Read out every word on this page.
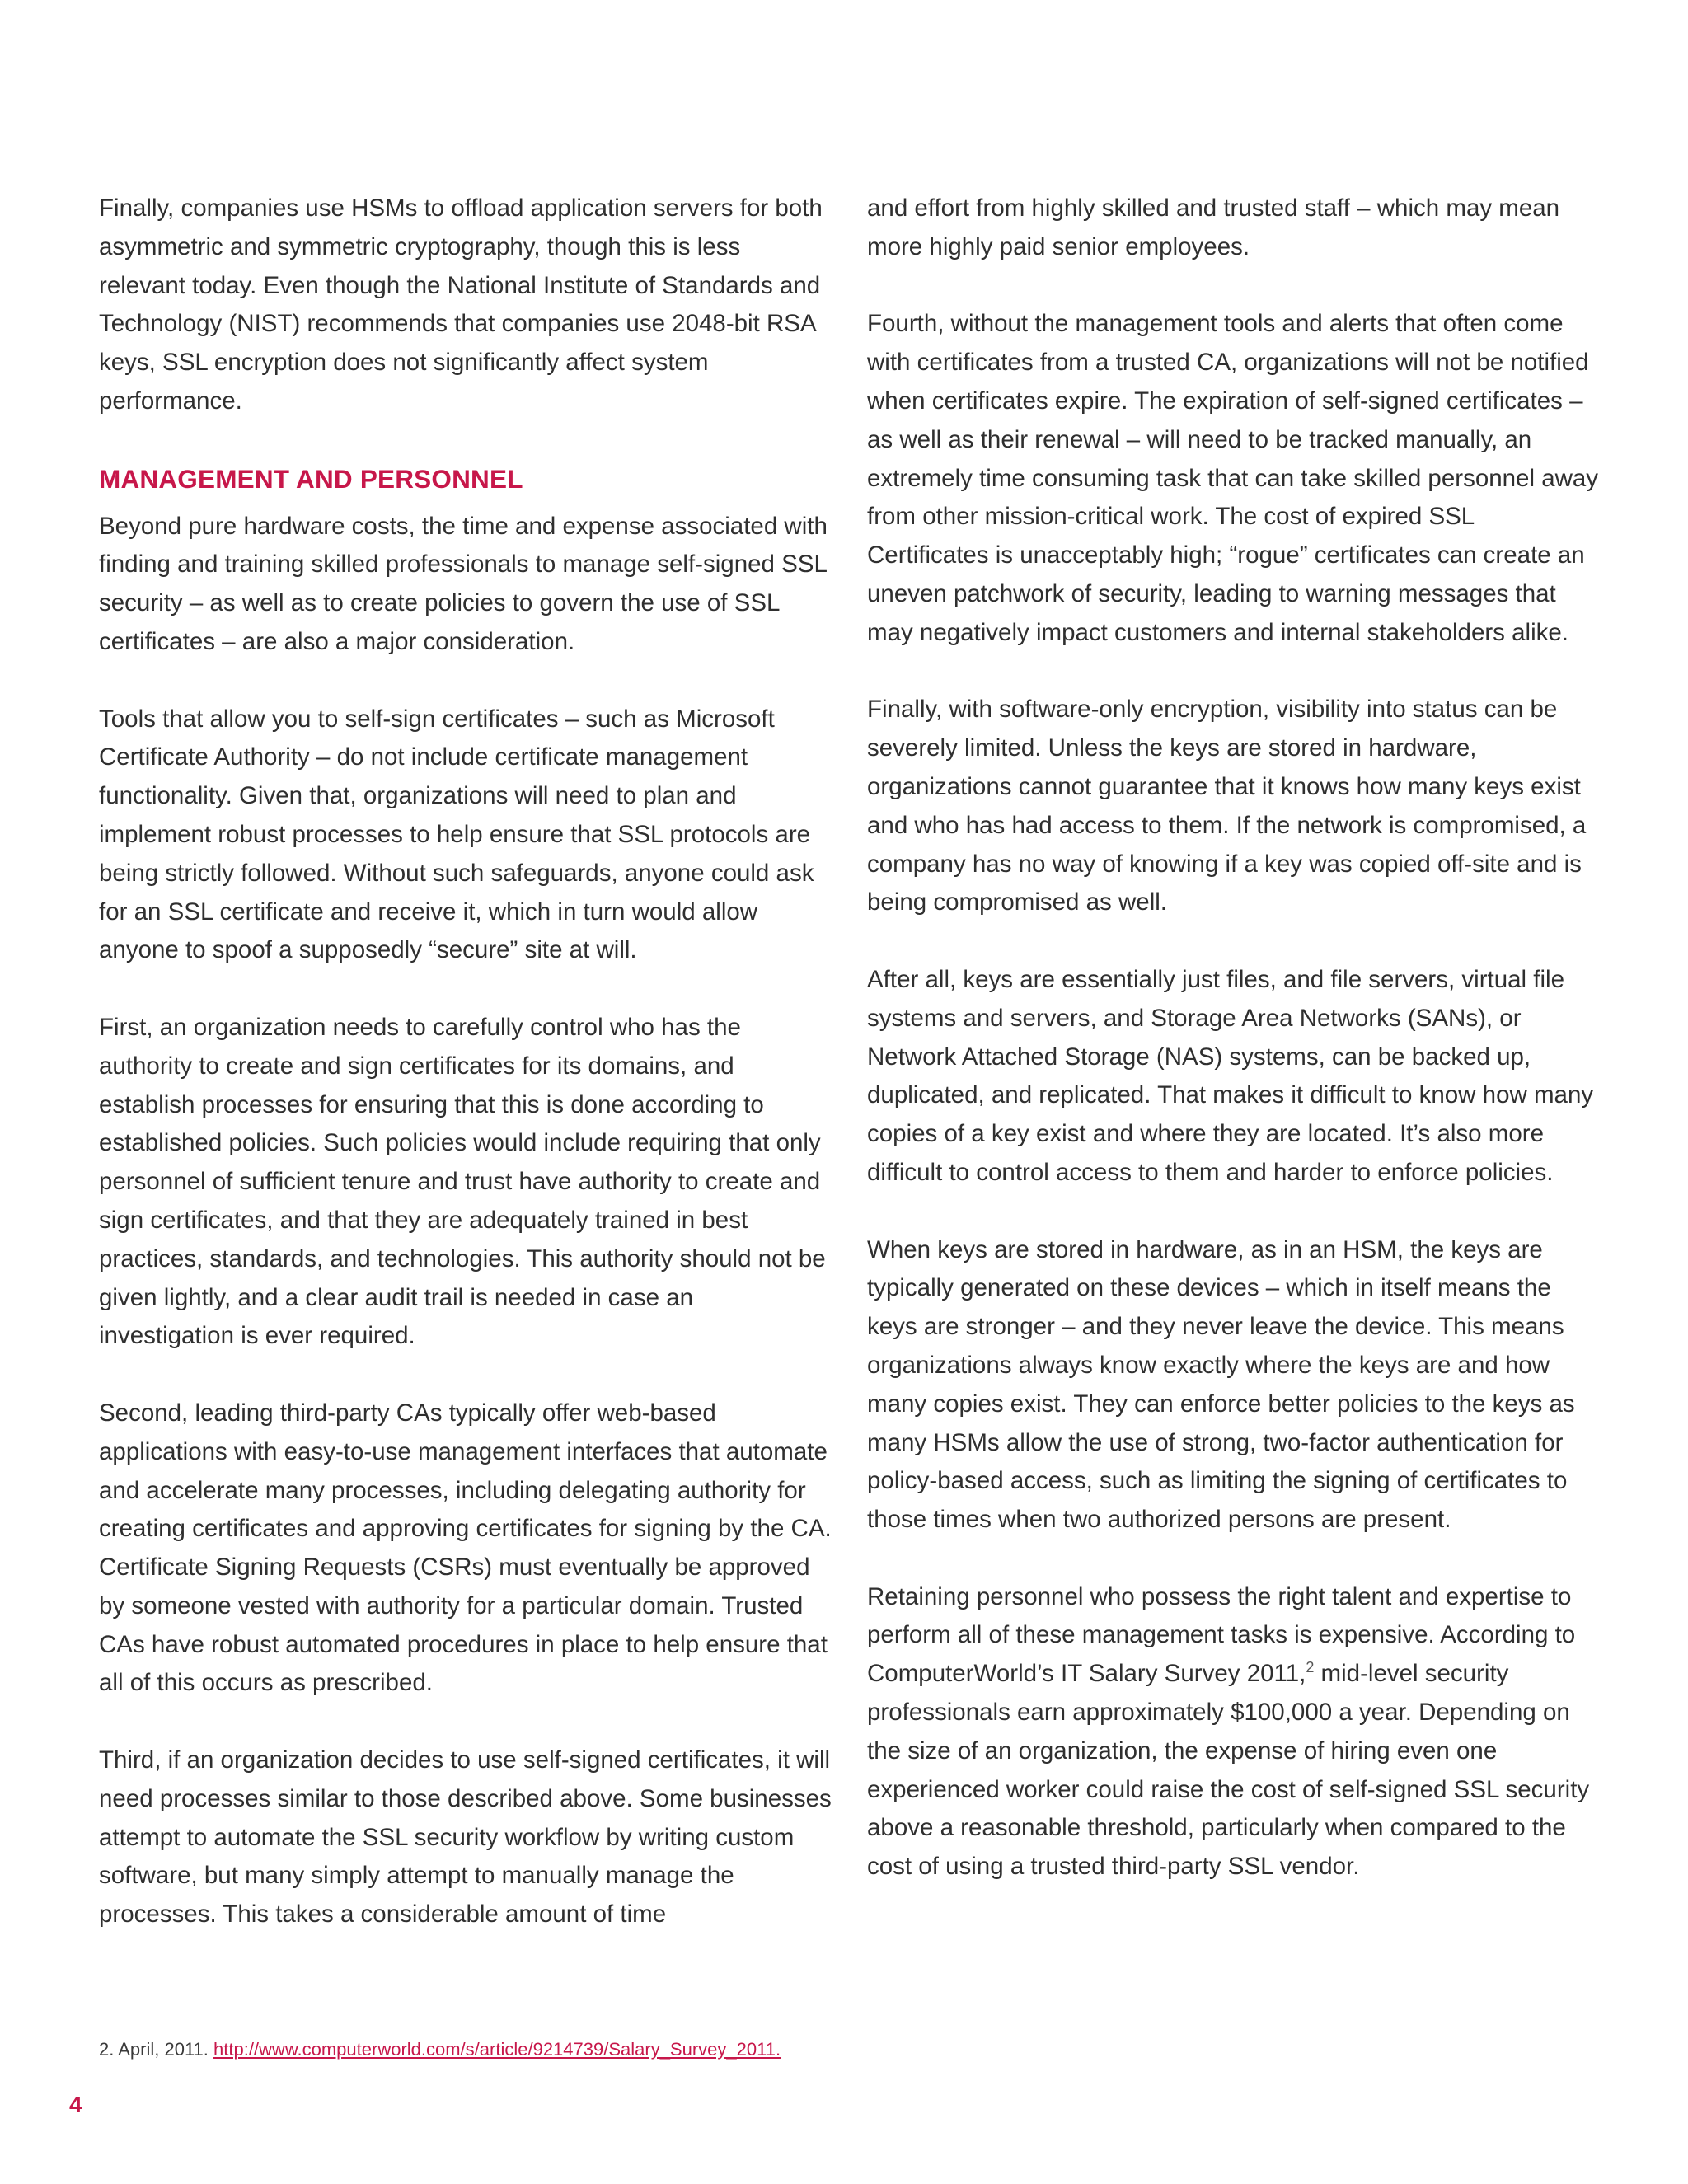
Finally, companies use HSMs to offload application servers for both asymmetric and symmetric cryptography, though this is less relevant today. Even though the National Institute of Standards and Technology (NIST) recommends that companies use 2048-bit RSA keys, SSL encryption does not significantly affect system performance.

MANAGEMENT AND PERSONNEL

Beyond pure hardware costs, the time and expense associated with finding and training skilled professionals to manage self-signed SSL security – as well as to create policies to govern the use of SSL certificates – are also a major consideration.

Tools that allow you to self-sign certificates – such as Microsoft Certificate Authority – do not include certificate management functionality. Given that, organizations will need to plan and implement robust processes to help ensure that SSL protocols are being strictly followed. Without such safeguards, anyone could ask for an SSL certificate and receive it, which in turn would allow anyone to spoof a supposedly “secure” site at will.

First, an organization needs to carefully control who has the authority to create and sign certificates for its domains, and establish processes for ensuring that this is done according to established policies. Such policies would include requiring that only personnel of sufficient tenure and trust have authority to create and sign certificates, and that they are adequately trained in best practices, standards, and technologies. This authority should not be given lightly, and a clear audit trail is needed in case an investigation is ever required.

Second, leading third-party CAs typically offer web-based applications with easy-to-use management interfaces that automate and accelerate many processes, including delegating authority for creating certificates and approving certificates for signing by the CA. Certificate Signing Requests (CSRs) must eventually be approved by someone vested with authority for a particular domain. Trusted CAs have robust automated procedures in place to help ensure that all of this occurs as prescribed.

Third, if an organization decides to use self-signed certificates, it will need processes similar to those described above. Some businesses attempt to automate the SSL security workflow by writing custom software, but many simply attempt to manually manage the processes. This takes a considerable amount of time

and effort from highly skilled and trusted staff – which may mean more highly paid senior employees.

Fourth, without the management tools and alerts that often come with certificates from a trusted CA, organizations will not be notified when certificates expire. The expiration of self-signed certificates – as well as their renewal – will need to be tracked manually, an extremely time consuming task that can take skilled personnel away from other mission-critical work. The cost of expired SSL Certificates is unacceptably high; “rogue” certificates can create an uneven patchwork of security, leading to warning messages that may negatively impact customers and internal stakeholders alike.

Finally, with software-only encryption, visibility into status can be severely limited. Unless the keys are stored in hardware, organizations cannot guarantee that it knows how many keys exist and who has had access to them. If the network is compromised, a company has no way of knowing if a key was copied off-site and is being compromised as well.

After all, keys are essentially just files, and file servers, virtual file systems and servers, and Storage Area Networks (SANs), or Network Attached Storage (NAS) systems, can be backed up, duplicated, and replicated. That makes it difficult to know how many copies of a key exist and where they are located. It’s also more difficult to control access to them and harder to enforce policies.

When keys are stored in hardware, as in an HSM, the keys are typically generated on these devices – which in itself means the keys are stronger – and they never leave the device. This means organizations always know exactly where the keys are and how many copies exist. They can enforce better policies to the keys as many HSMs allow the use of strong, two-factor authentication for policy-based access, such as limiting the signing of certificates to those times when two authorized persons are present.

Retaining personnel who possess the right talent and expertise to perform all of these management tasks is expensive. According to ComputerWorld’s IT Salary Survey 2011,$^2$ mid-level security professionals earn approximately $100,000 a year. Depending on the size of an organization, the expense of hiring even one experienced worker could raise the cost of self-signed SSL security above a reasonable threshold, particularly when compared to the cost of using a trusted third-party SSL vendor.

2. April, 2011. http://www.computerworld.com/s/article/9214739/Salary_Survey_2011.
4
